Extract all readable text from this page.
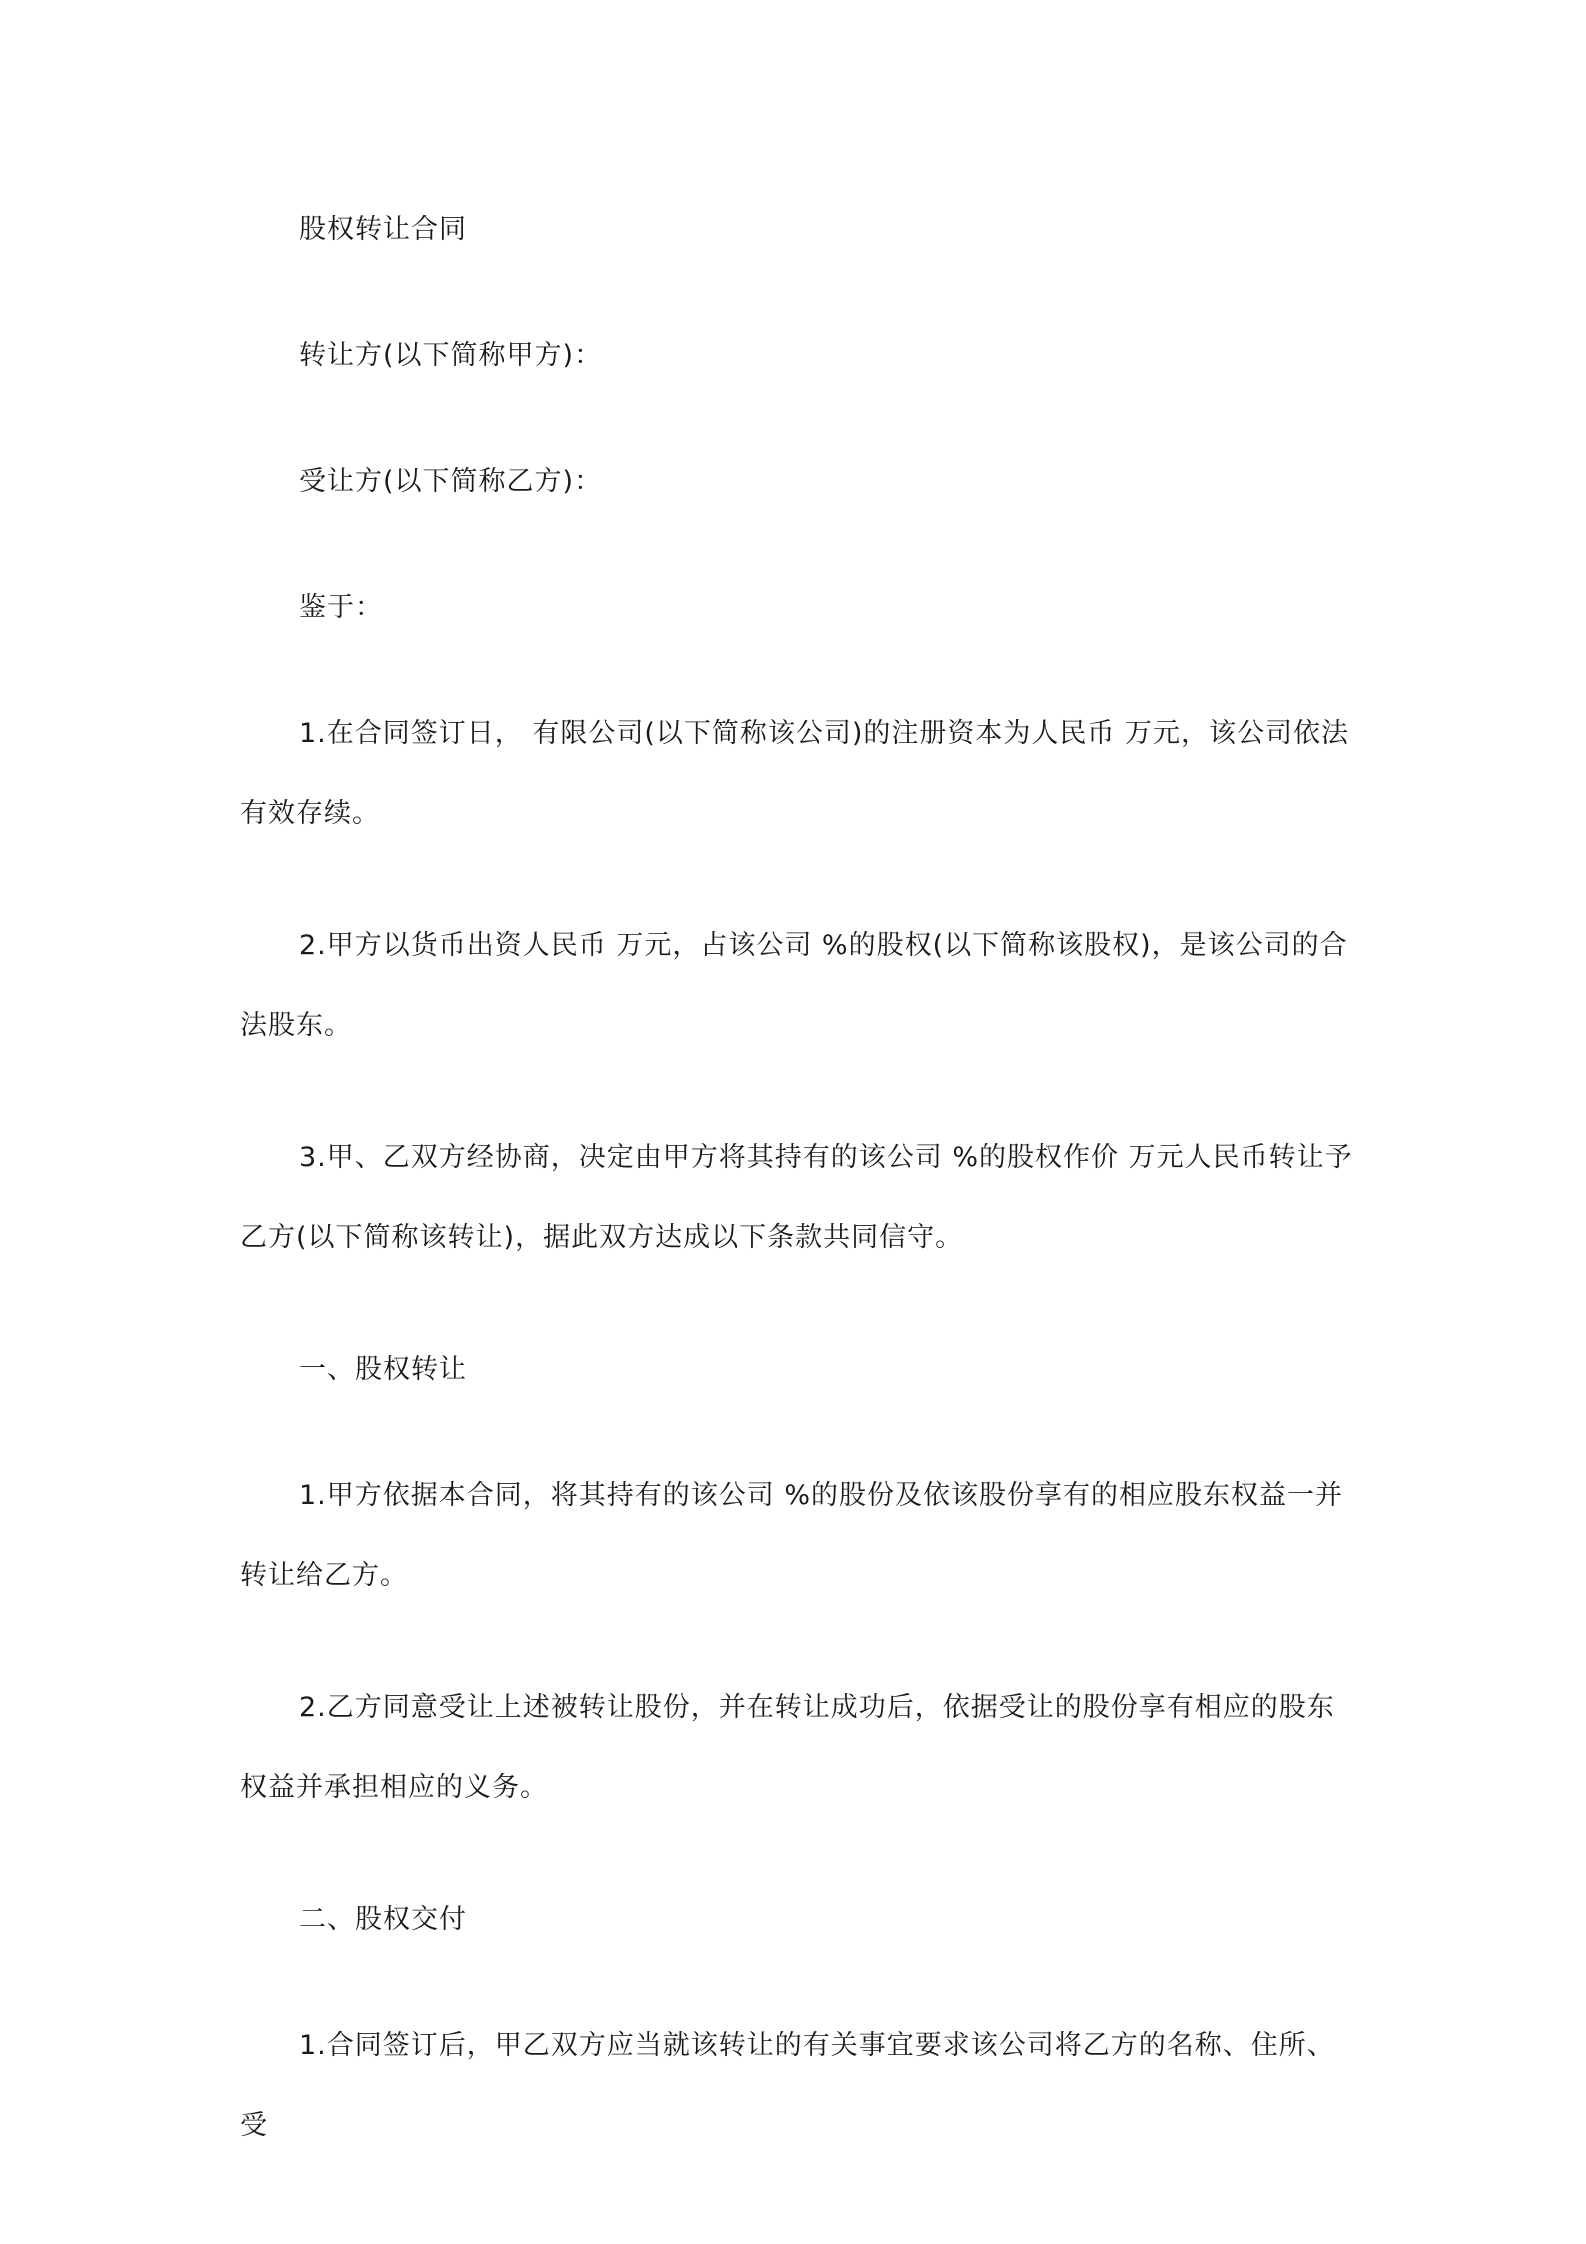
股权转让合同

转让方(以下简称甲方)：

受让方(以下简称乙方)：

鉴于：

1.在合同签订日， 有限公司(以下简称该公司)的注册资本为人民币 万元，该公司依法有效存续。

2.甲方以货币出资人民币 万元，占该公司 %的股权(以下简称该股权)，是该公司的合法股东。

3.甲、乙双方经协商，决定由甲方将其持有的该公司 %的股权作价 万元人民币转让予乙方(以下简称该转让)，据此双方达成以下条款共同信守。

一、股权转让

1.甲方依据本合同，将其持有的该公司 %的股份及依该股份享有的相应股东权益一并转让给乙方。

2.乙方同意受让上述被转让股份，并在转让成功后，依据受让的股份享有相应的股东权益并承担相应的义务。

二、股权交付

1.合同签订后，甲乙双方应当就该转让的有关事宜要求该公司将乙方的名称、住所、受
